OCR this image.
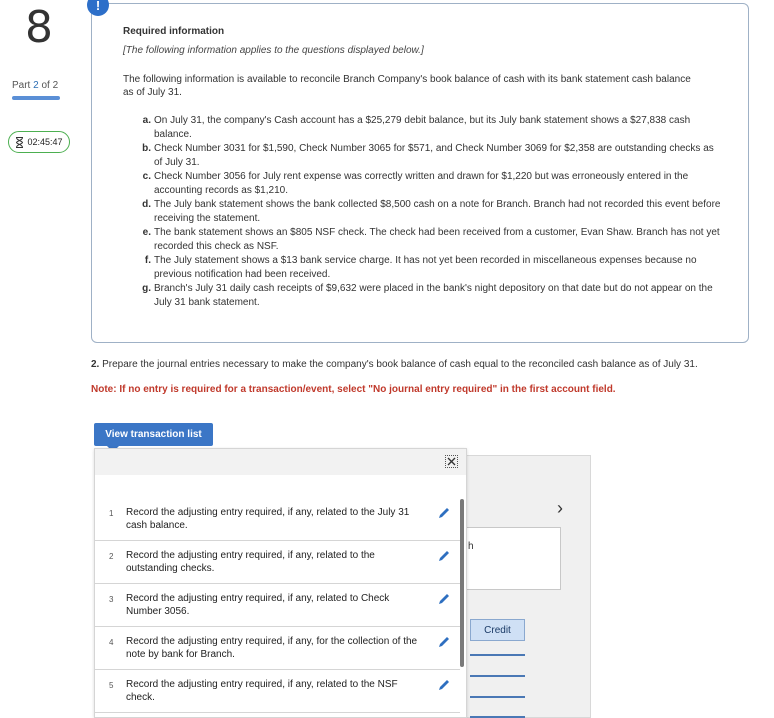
8
Part 2 of 2
02:45:47
Required information
[The following information applies to the questions displayed below.]
The following information is available to reconcile Branch Company's book balance of cash with its bank statement cash balance as of July 31.
a. On July 31, the company's Cash account has a $25,279 debit balance, but its July bank statement shows a $27,838 cash balance.
b. Check Number 3031 for $1,590, Check Number 3065 for $571, and Check Number 3069 for $2,358 are outstanding checks as of July 31.
c. Check Number 3056 for July rent expense was correctly written and drawn for $1,220 but was erroneously entered in the accounting records as $1,210.
d. The July bank statement shows the bank collected $8,500 cash on a note for Branch. Branch had not recorded this event before receiving the statement.
e. The bank statement shows an $805 NSF check. The check had been received from a customer, Evan Shaw. Branch has not yet recorded this check as NSF.
f. The July statement shows a $13 bank service charge. It has not yet been recorded in miscellaneous expenses because no previous notification had been received.
g. Branch's July 31 daily cash receipts of $9,632 were placed in the bank's night depository on that date but do not appear on the July 31 bank statement.
!
2. Prepare the journal entries necessary to make the company's book balance of cash equal to the reconciled cash balance as of July 31.
Note: If no entry is required for a transaction/event, select "No journal entry required" in the first account field.
h
›
Credit
View transaction list
1 Record the adjusting entry required, if any, related to the July 31 cash balance.
2 Record the adjusting entry required, if any, related to the outstanding checks.
3 Record the adjusting entry required, if any, related to Check Number 3056.
4 Record the adjusting entry required, if any, for the collection of the note by bank for Branch.
5 Record the adjusting entry required, if any, related to the NSF check.
